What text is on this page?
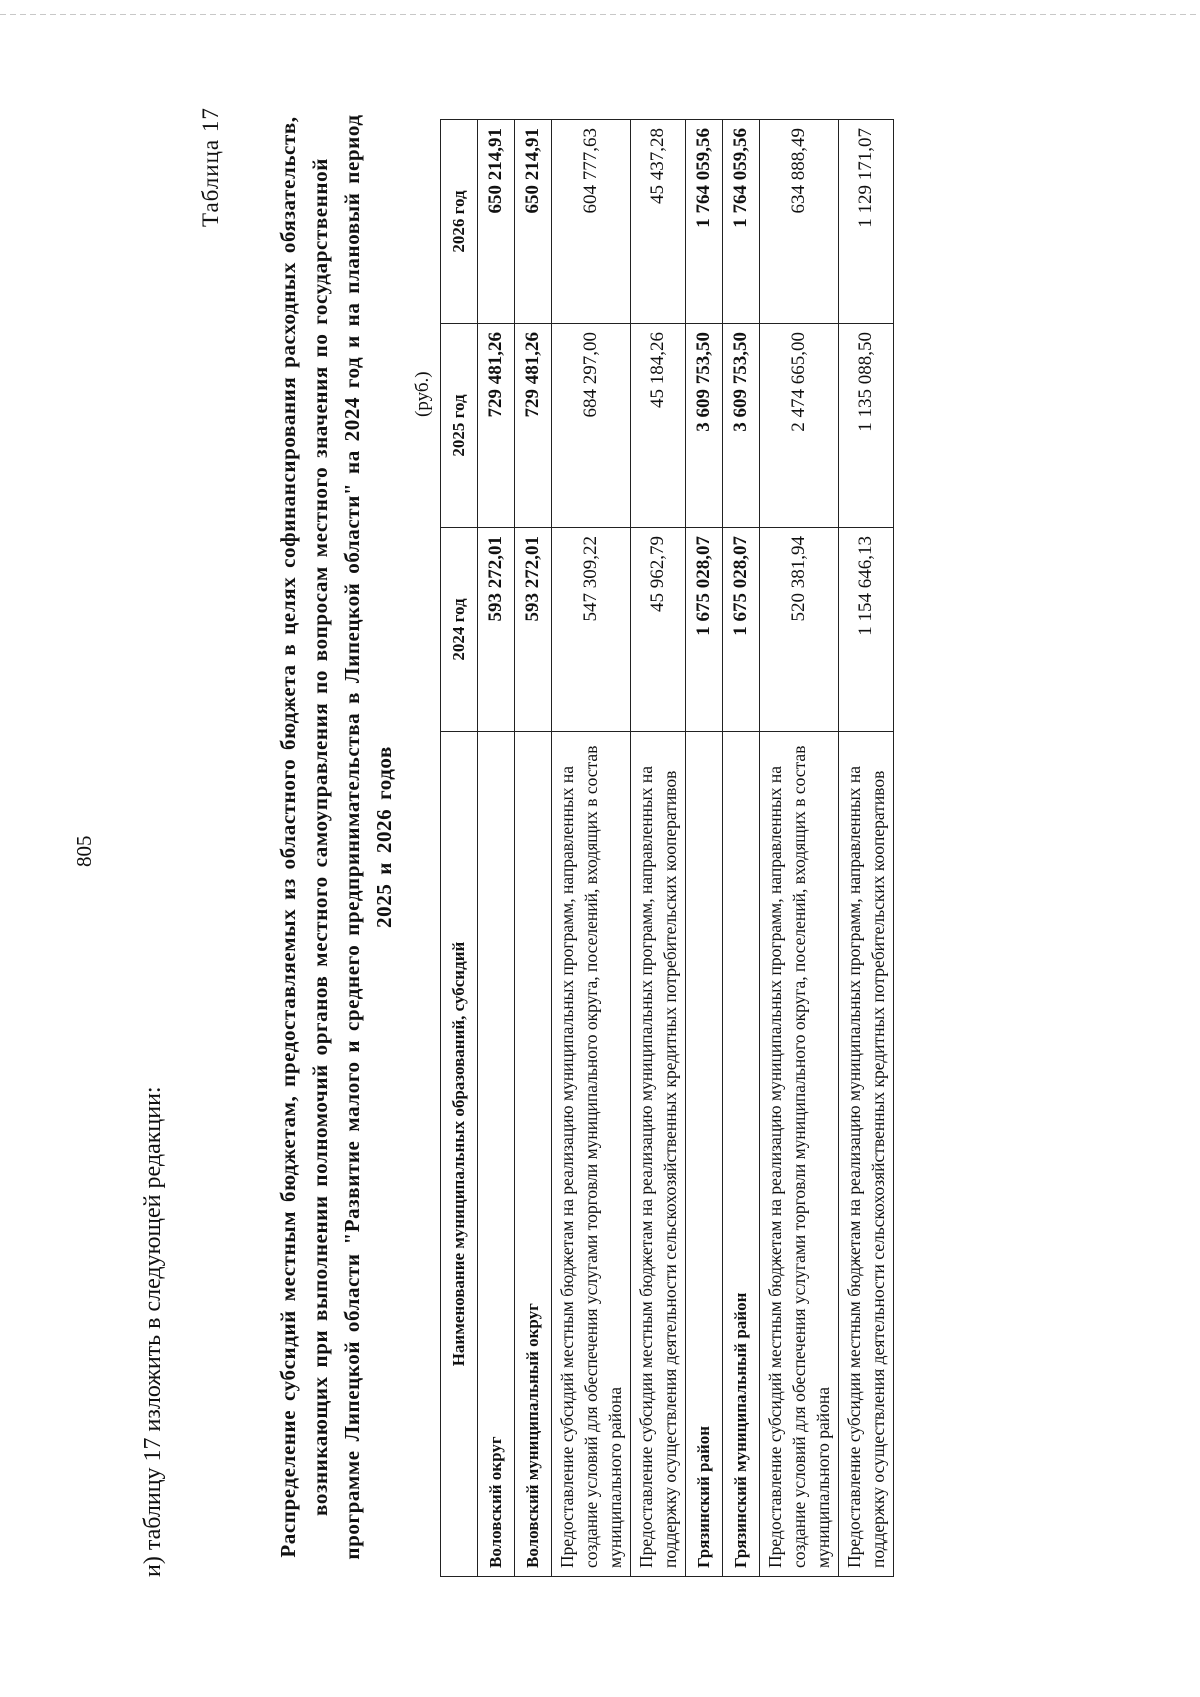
805
и) таблицу 17 изложить в следующей редакции:
Таблица 17	Распределение субсидий местным бюджетам, предоставляемых из областного бюджета в целях софинансирования расходных обязательств, возникающих при выполнении полномочий органов местного самоуправления по вопросам местного значения по государственной программе Липецкой области "Развитие малого и среднего предпринимательства в Липецкой области" на 2024 год и на плановый период 2025 и 2026 годов
(руб.)
Наименование муниципальных образований, субсидий	2024 год	2025 год	2026 год
Воловский округ	593 272,01	729 481,26	650 214,91
Воловский муниципальный округ	593 272,01	729 481,26	650 214,91
Предоставление субсидий местным бюджетам на реализацию муниципальных программ, направленных на создание условий для обеспечения услугами торговли муниципального округа, поселений, входящих в состав муниципального района	547 309,22	684 297,00	604 777,63
Предоставление субсидии местным бюджетам на реализацию муниципальных программ, направленных на поддержку осуществления деятельности сельскохозяйственных кредитных потребительских кооперативов	45 962,79	45 184,26	45 437,28
Грязинский район	1 675 028,07	3 609 753,50	1 764 059,56
Грязинский муниципальный район	1 675 028,07	3 609 753,50	1 764 059,56
Предоставление субсидий местным бюджетам на реализацию муниципальных программ, направленных на создание условий для обеспечения услугами торговли муниципального округа, поселений, входящих в состав муниципального района	520 381,94	2 474 665,00	634 888,49
Предоставление субсидии местным бюджетам на реализацию муниципальных программ, направленных на поддержку осуществления деятельности сельскохозяйственных кредитных потребительских кооперативов	1 154 646,13	1 135 088,50	1 129 171,07
